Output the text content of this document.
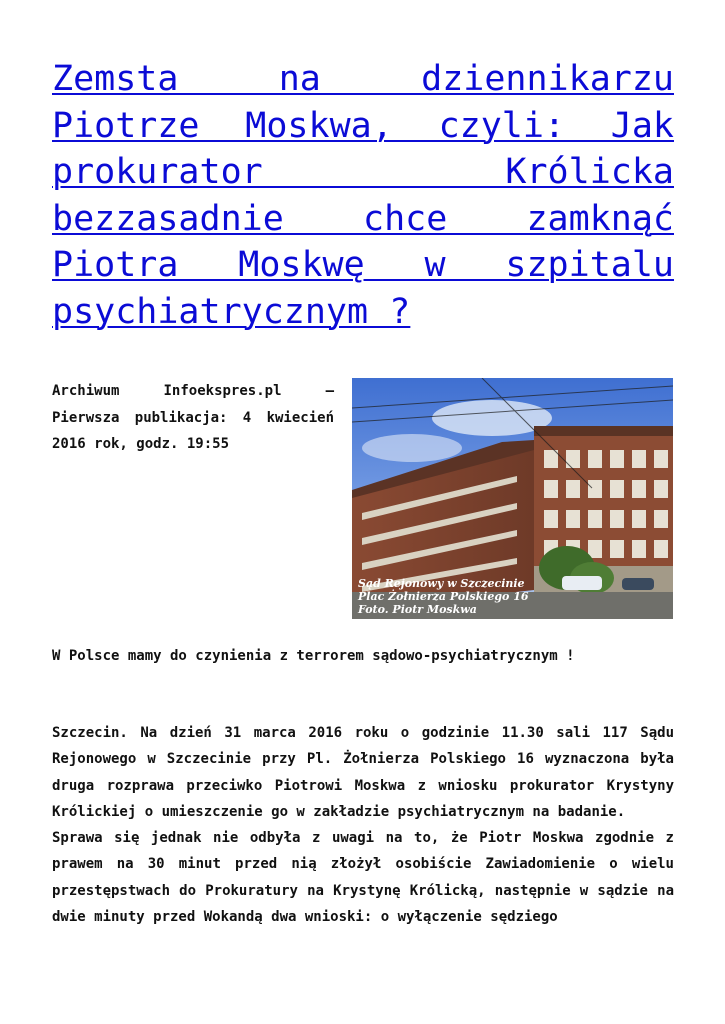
Zemsta na dziennikarzu Piotrze Moskwa, czyli: Jak prokurator Królicka bezzasadnie chce zamknąć Piotra Moskwę w szpitalu psychiatrycznym ?

Archiwum Infoekspres.pl – Pierwsza publikacja: 4 kwiecień 2016 rok, godz. 19:55

Sąd Rejonowy w Szczecinie
Plac Żołnierza Polskiego 16
Foto. Piotr Moskwa

W Polsce mamy do czynienia z terrorem sądowo-psychiatrycznym !

Szczecin. Na dzień 31 marca 2016 roku o godzinie 11.30 sali 117 Sądu Rejonowego w Szczecinie przy Pl. Żołnierza Polskiego 16 wyznaczona była druga rozprawa przeciwko Piotrowi Moskwa z wniosku prokurator Krystyny Królickiej o umieszczenie go w zakładzie psychiatrycznym na badanie.

Sprawa się jednak nie odbyła z uwagi na to, że Piotr Moskwa zgodnie z prawem na 30 minut przed nią złożył osobiście Zawiadomienie o wielu przestępstwach do Prokuratury na Krystynę Królicką, następnie w sądzie na dwie minuty przed Wokandą dwa wnioski: o wyłączenie sędziego
